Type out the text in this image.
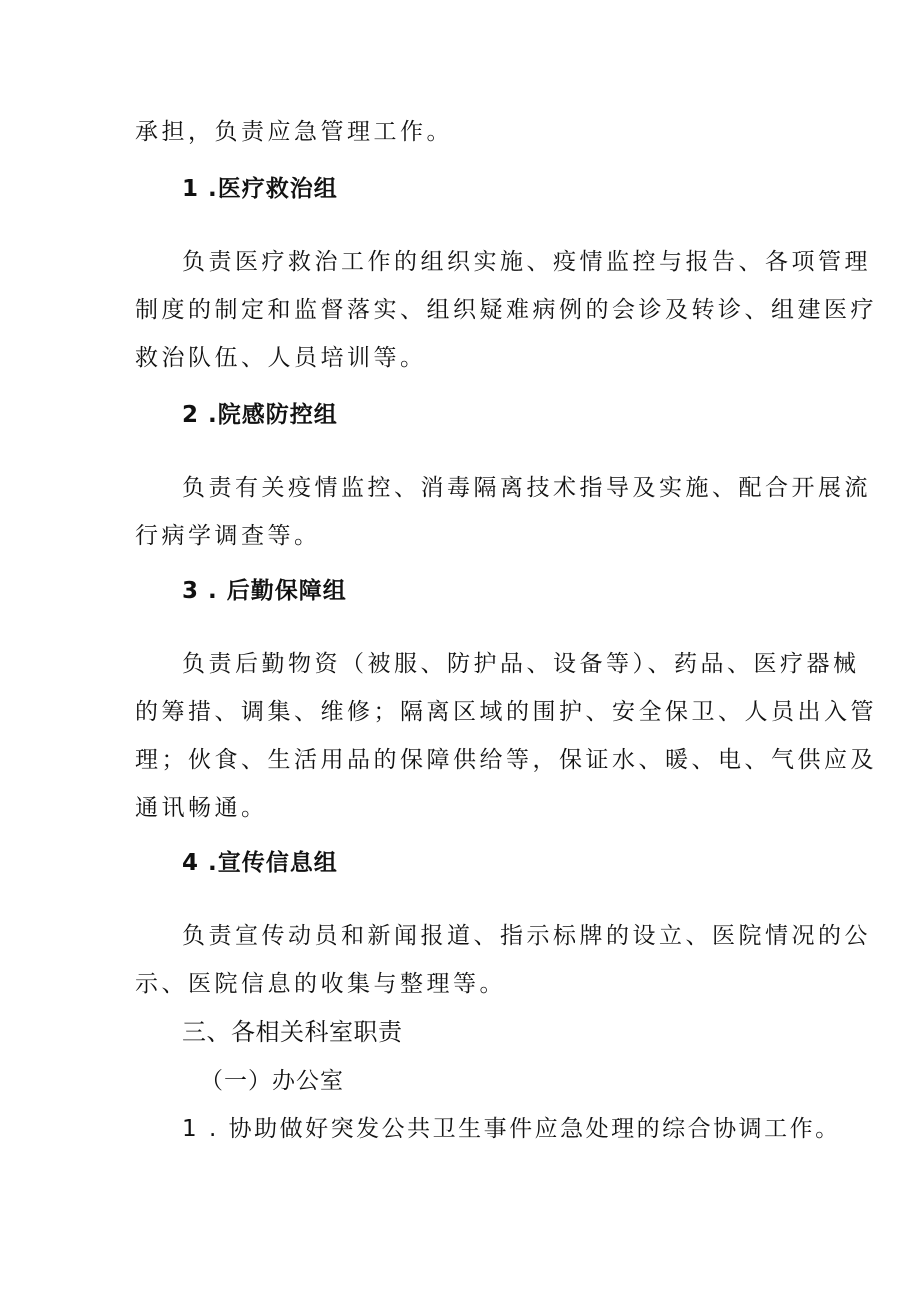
承担，负责应急管理工作。
1 .医疗救治组
负责医疗救治工作的组织实施、疫情监控与报告、各项管理
制度的制定和监督落实、组织疑难病例的会诊及转诊、组建医疗
救治队伍、人员培训等。
2 .院感防控组
负责有关疫情监控、消毒隔离技术指导及实施、配合开展流
行病学调查等。
3 . 后勤保障组
负责后勤物资（被服、防护品、设备等）、药品、医疗器械
的筹措、调集、维修；隔离区域的围护、安全保卫、人员出入管
理；伙食、生活用品的保障供给等，保证水、暖、电、气供应及
通讯畅通。
4 .宣传信息组
负责宣传动员和新闻报道、指示标牌的设立、医院情况的公
示、医院信息的收集与整理等。
三、各相关科室职责
（一）办公室
1 . 协助做好突发公共卫生事件应急处理的综合协调工作。
